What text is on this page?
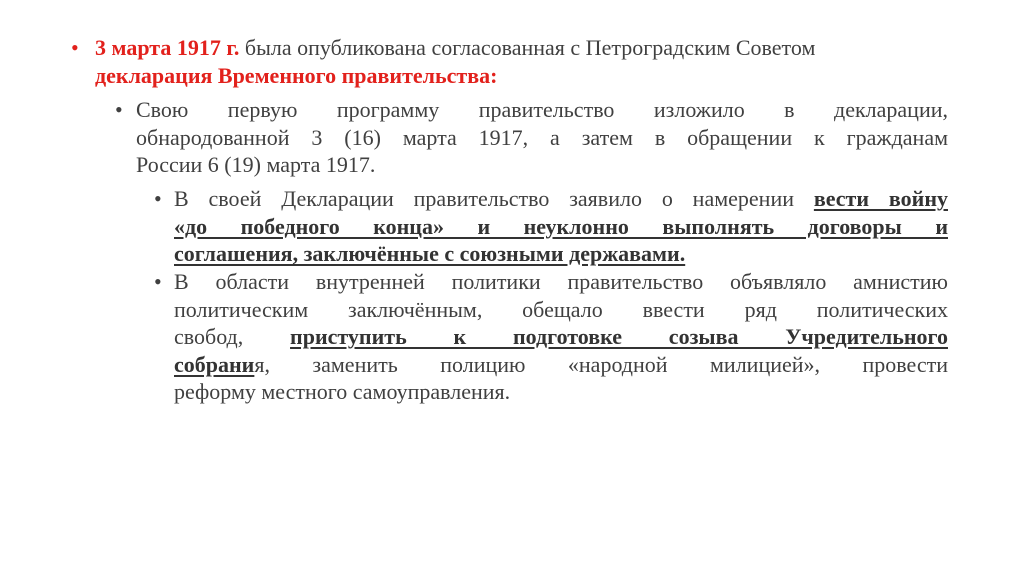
• 3 марта 1917 г. была опубликована согласованная с Петроградским Советом
декларация Временного правительства:
• Свою первую программу правительство изложило в декларации,
обнародованной 3 (16) марта 1917, а затем в обращении к гражданам
России 6 (19) марта 1917.
• В своей Декларации правительство заявило о намерении вести войну
«до победного конца» и неуклонно выполнять договоры и
соглашения, заключённые с союзными державами.
• В области внутренней политики правительство объявляло амнистию
политическим заключённым, обещало ввести ряд политических
свобод, приступить к подготовке созыва Учредительного
собрания, заменить полицию «народной милицией», провести
реформу местного самоуправления.
